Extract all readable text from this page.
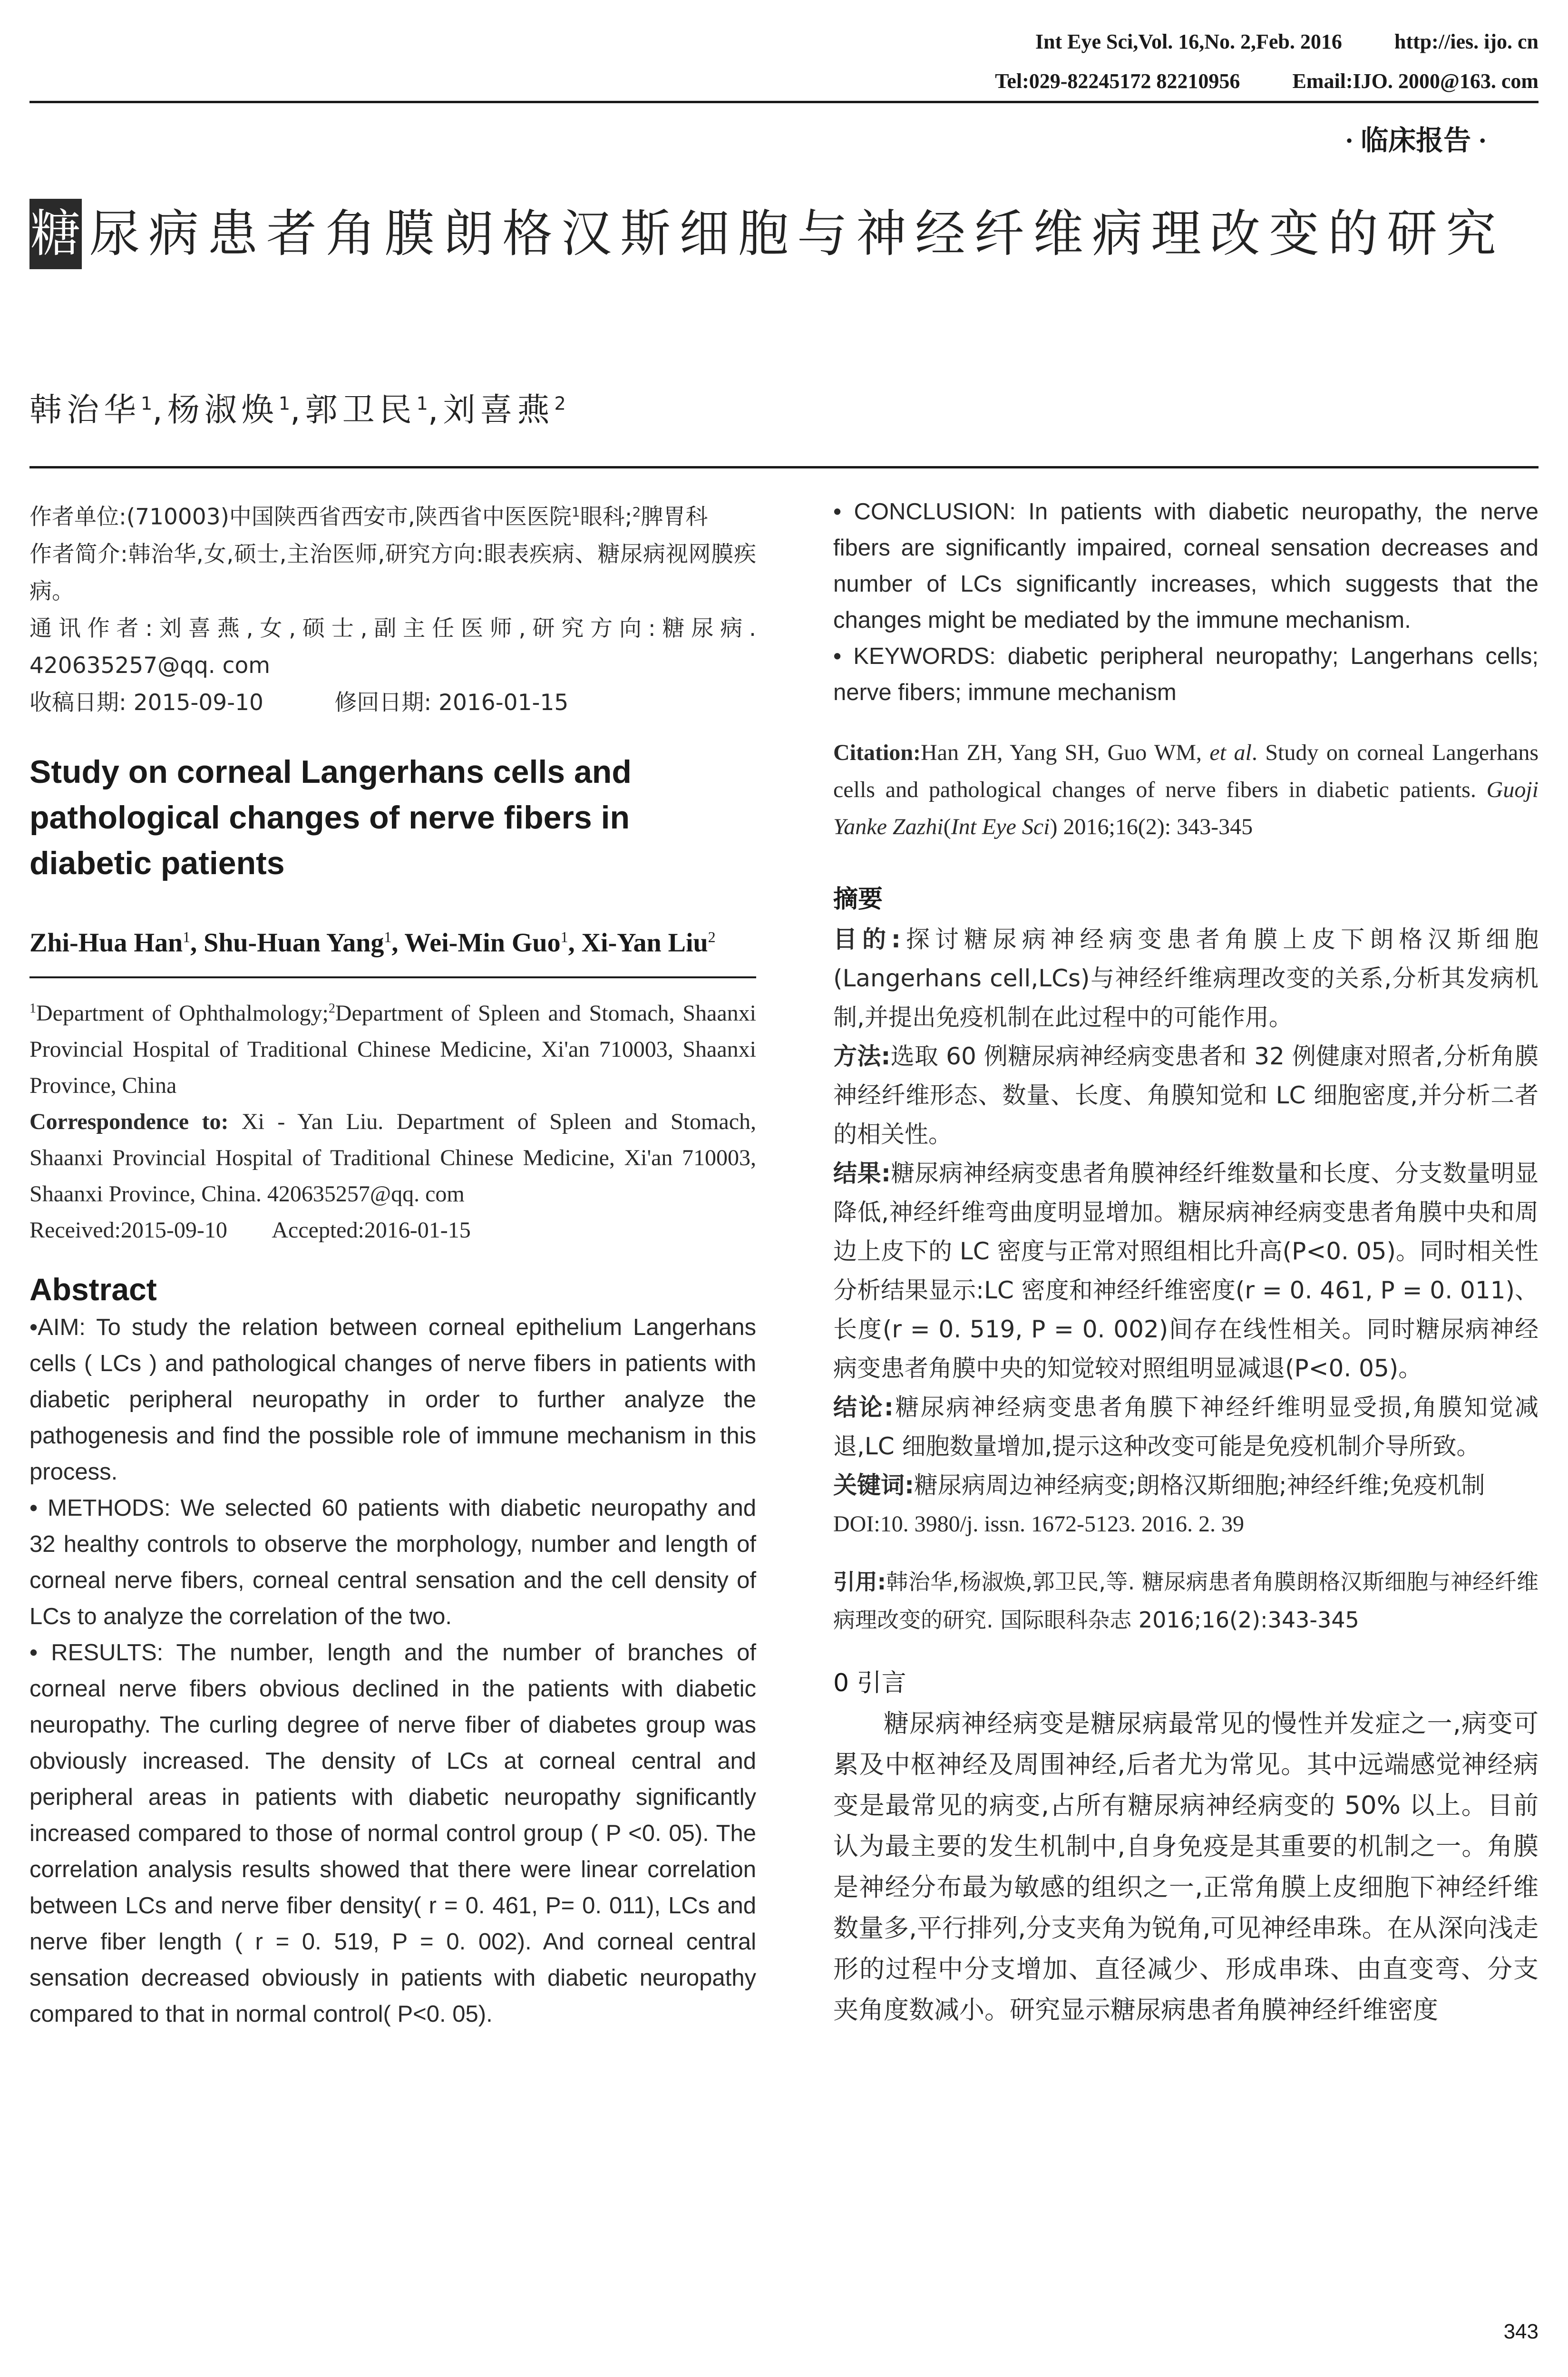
Int Eye Sci,Vol. 16,No. 2,Feb. 2016	http://ies. ijo. cn
Tel:029-82245172 82210956	Email:IJO. 2000@163. com
· 临床报告 ·
糖 尿病患者角膜朗格汉斯细胞与神经纤维病理改变的研究
韩治华$^1$,杨淑焕$^1$,郭卫民$^1$,刘喜燕$^2$
作者单位:(710003)中国陕西省西安市,陕西省中医医院$^1$眼科;$^2$脾胃科
作者简介:韩治华,女,硕士,主治医师,研究方向:眼表疾病、糖尿病视网膜疾病。
通讯作者:刘喜燕,女,硕士,副主任医师,研究方向:糖尿病. 420635257@qq. com
收稿日期: 2015-09-10	修回日期: 2016-01-15
Study on corneal Langerhans cells and pathological changes of nerve fibers in diabetic patients
Zhi-Hua Han$^1$, Shu-Huan Yang$^1$, Wei-Min Guo$^1$, Xi-Yan Liu$^2$
$^1$Department of Ophthalmology;$^2$Department of Spleen and Stomach, Shaanxi Provincial Hospital of Traditional Chinese Medicine, Xi'an 710003, Shaanxi Province, China
Correspondence to: Xi - Yan Liu. Department of Spleen and Stomach, Shaanxi Provincial Hospital of Traditional Chinese Medicine, Xi'an 710003, Shaanxi Province, China. 420635257@qq. com
Received:2015-09-10 Accepted:2016-01-15
Abstract
•AIM: To study the relation between corneal epithelium Langerhans cells ( LCs ) and pathological changes of nerve fibers in patients with diabetic peripheral neuropathy in order to further analyze the pathogenesis and find the possible role of immune mechanism in this process.
• METHODS: We selected 60 patients with diabetic neuropathy and 32 healthy controls to observe the morphology, number and length of corneal nerve fibers, corneal central sensation and the cell density of LCs to analyze the correlation of the two.
• RESULTS: The number, length and the number of branches of corneal nerve fibers obvious declined in the patients with diabetic neuropathy. The curling degree of nerve fiber of diabetes group was obviously increased. The density of LCs at corneal central and peripheral areas in patients with diabetic neuropathy significantly increased compared to those of normal control group ( P <0. 05). The correlation analysis results showed that there were linear correlation between LCs and nerve fiber density( r = 0. 461, P= 0. 011), LCs and nerve fiber length ( r = 0. 519, P = 0. 002). And corneal central sensation decreased obviously in patients with diabetic neuropathy compared to that in normal control( P<0. 05).
• CONCLUSION: In patients with diabetic neuropathy, the nerve fibers are significantly impaired, corneal sensation decreases and number of LCs significantly increases, which suggests that the changes might be mediated by the immune mechanism.
• KEYWORDS: diabetic peripheral neuropathy; Langerhans cells; nerve fibers; immune mechanism
Citation:Han ZH, Yang SH, Guo WM, et al. Study on corneal Langerhans cells and pathological changes of nerve fibers in diabetic patients. Guoji Yanke Zazhi(Int Eye Sci) 2016;16(2): 343-345
摘要
目的:探讨糖尿病神经病变患者角膜上皮下朗格汉斯细胞(Langerhans cell,LCs)与神经纤维病理改变的关系,分析其发病机制,并提出免疫机制在此过程中的可能作用。
方法:选取 60 例糖尿病神经病变患者和 32 例健康对照者,分析角膜神经纤维形态、数量、长度、角膜知觉和 LC 细胞密度,并分析二者的相关性。
结果:糖尿病神经病变患者角膜神经纤维数量和长度、分支数量明显降低,神经纤维弯曲度明显增加。糖尿病神经病变患者角膜中央和周边上皮下的 LC 密度与正常对照组相比升高(P<0. 05)。同时相关性分析结果显示:LC 密度和神经纤维密度(r = 0. 461, P = 0. 011)、长度(r = 0. 519, P = 0. 002)间存在线性相关。同时糖尿病神经病变患者角膜中央的知觉较对照组明显减退(P<0. 05)。
结论:糖尿病神经病变患者角膜下神经纤维明显受损,角膜知觉减退,LC 细胞数量增加,提示这种改变可能是免疫机制介导所致。
关键词:糖尿病周边神经病变;朗格汉斯细胞;神经纤维;免疫机制
DOI:10. 3980/j. issn. 1672-5123. 2016. 2. 39
引用:韩治华,杨淑焕,郭卫民,等. 糖尿病患者角膜朗格汉斯细胞与神经纤维病理改变的研究. 国际眼科杂志 2016;16(2):343-345
0 引言
糖尿病神经病变是糖尿病最常见的慢性并发症之一,病变可累及中枢神经及周围神经,后者尤为常见。其中远端感觉神经病变是最常见的病变,占所有糖尿病神经病变的 50% 以上。目前认为最主要的发生机制中,自身免疫是其重要的机制之一。角膜是神经分布最为敏感的组织之一,正常角膜上皮细胞下神经纤维数量多,平行排列,分支夹角为锐角,可见神经串珠。在从深向浅走形的过程中分支增加、直径减少、形成串珠、由直变弯、分支夹角度数减小。研究显示糖尿病患者角膜神经纤维密度
343
